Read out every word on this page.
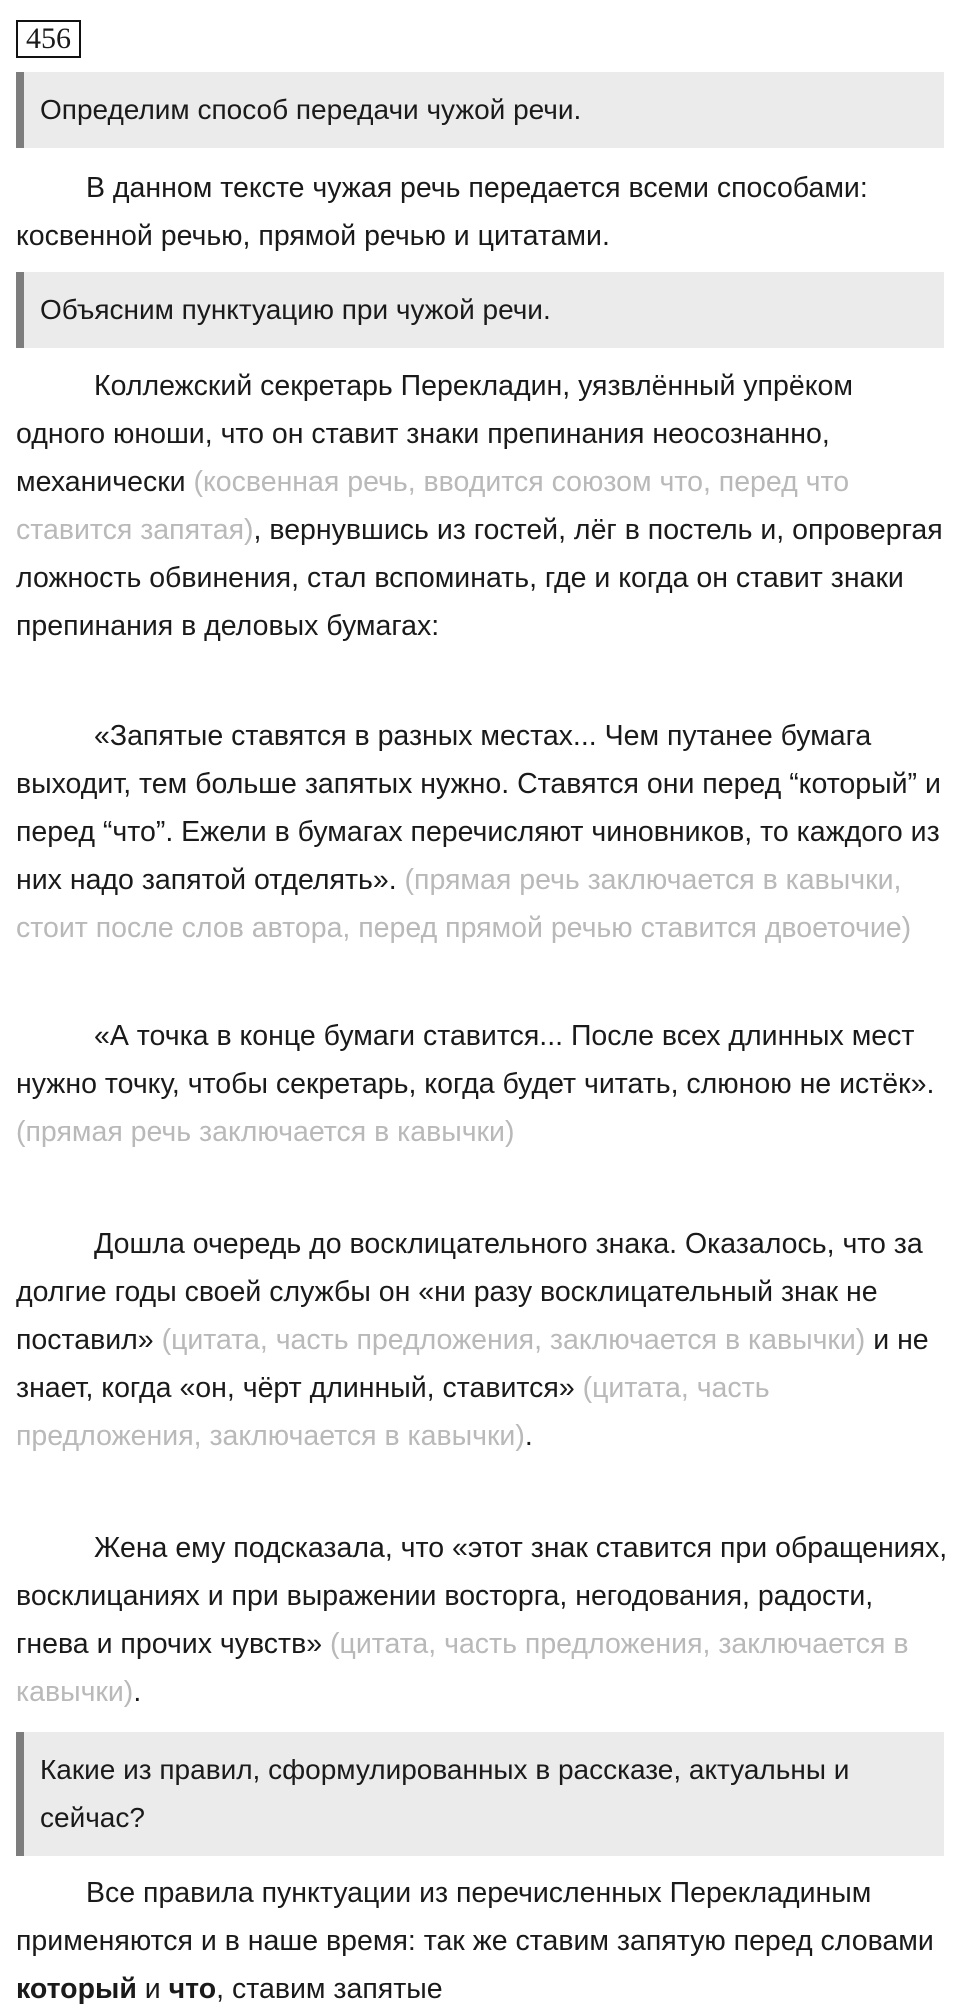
456
Определим способ передачи чужой речи.

В данном тексте чужая речь передается всеми способами: косвенной речью, прямой речью и цитатами.

Объясним пунктуацию при чужой речи.

Коллежский секретарь Перекладин, уязвлённый упрёком одного юноши, что он ставит знаки препинания неосознанно, механически (косвенная речь, вводится союзом что, перед что ставится запятая), вернувшись из гостей, лёг в постель и, опровергая ложность обвинения, стал вспоминать, где и когда он ставит знаки препинания в деловых бумагах:

«Запятые ставятся в разных местах... Чем путанее бумага выходит, тем больше запятых нужно. Ставятся они перед “который” и перед “что”. Ежели в бумагах перечисляют чиновников, то каждого из них надо запятой отделять». (прямая речь заключается в кавычки, стоит после слов автора, перед прямой речью ставится двоеточие)

«А точка в конце бумаги ставится... После всех длинных мест нужно точку, чтобы секретарь, когда будет читать, слюною не истёк». (прямая речь заключается в кавычки)

Дошла очередь до восклицательного знака. Оказалось, что за долгие годы своей службы он «ни разу восклицательный знак не поставил» (цитата, часть предложения, заключается в кавычки) и не знает, когда «он, чёрт длинный, ставится» (цитата, часть предложения, заключается в кавычки).

Жена ему подсказала, что «этот знак ставится при обращениях, восклицаниях и при выражении восторга, негодования, радости, гнева и прочих чувств» (цитата, часть предложения, заключается в кавычки).

Какие из правил, сформулированных в рассказе, актуальны и сейчас?

Все правила пунктуации из перечисленных Перекладиным применяются и в наше время: так же ставим запятую перед словами который и что, ставим запятые
